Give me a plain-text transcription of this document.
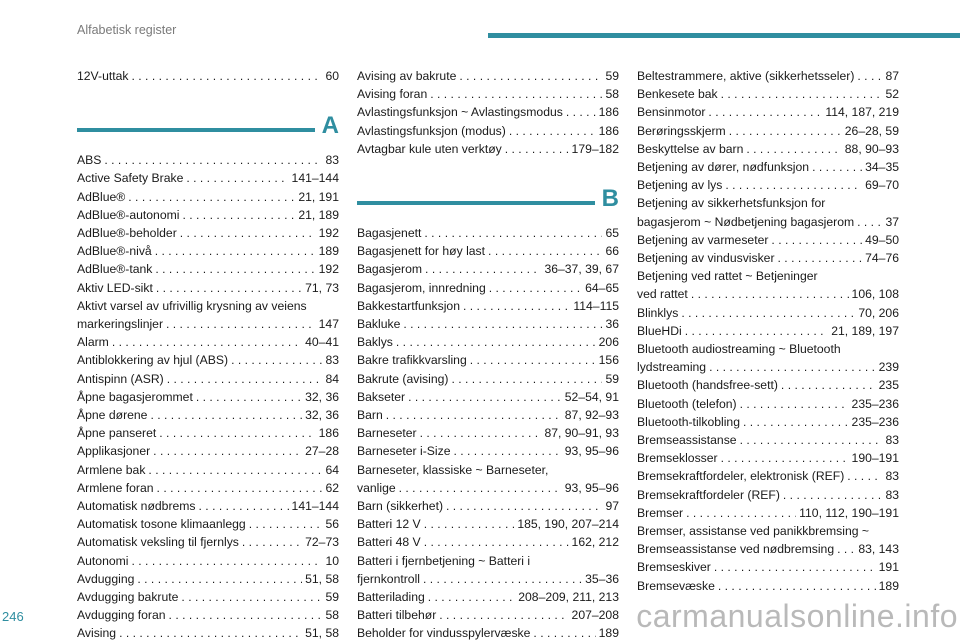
Alfabetisk register
12V-uttak . . .	60
A
ABS . . .	83
Active Safety Brake . . .	141–144
AdBlue® . . .	21, 191
AdBlue®-autonomi . . .	21, 189
AdBlue®-beholder . . .	192
AdBlue®-nivå . . .	189
AdBlue®-tank . . .	192
Aktiv LED-sikt . . .	71, 73
Aktivt varsel av ufrivillig krysning av veiens
markeringslinjer . . .	147
Alarm . . .	40–41
Antiblokkering av hjul (ABS) . . .	83
Antispinn (ASR) . . .	84
Åpne bagasjerommet . . .	32, 36
Åpne dørene . . .	32, 36
Åpne panseret . . .	186
Applikasjoner . . .	27–28
Armlene bak . . .	64
Armlene foran . . .	62
Automatisk nødbrems . . .	141–144
Automatisk tosone klimaanlegg . . .	56
Automatisk veksling til fjernlys . . .	72–73
Autonomi . . .	10
Avdugging . . .	51, 58
Avdugging bakrute . . .	59
Avdugging foran . . .	58
Avising . . .	51, 58
Avising av bakrute . . .	59
Avising foran . . .	58
Avlastingsfunksjon ~ Avlastingsmodus . . .	186
Avlastingsfunksjon (modus) . . .	186
Avtagbar kule uten verktøy . . .	179–182
B
Bagasjenett . . .	65
Bagasjenett for høy last . . .	66
Bagasjerom . . .	36–37, 39, 67
Bagasjerom, innredning . . .	64–65
Bakkestartfunksjon . . .	114–115
Bakluke . . .	36
Baklys . . .	206
Bakre trafikkvarsling . . .	156
Bakrute (avising) . . .	59
Bakseter . . .	52–54, 91
Barn . . .	87, 92–93
Barneseter . . .	87, 90–91, 93
Barneseter i-Size . . .	93, 95–96
Barneseter, klassiske ~ Barneseter,
vanlige . . .	93, 95–96
Barn (sikkerhet) . . .	97
Batteri 12 V . . .	185, 190, 207–214
Batteri 48 V . . .	162, 212
Batteri i fjernbetjening ~ Batteri i
fjernkontroll . . .	35–36
Batterilading . . .	208–209, 211, 213
Batteri tilbehør . . .	207–208
Beholder for vindusspylervæske . . .	189
Beltestrammere, aktive (sikkerhetsseler) . . .	87
Benkesete bak . . .	52
Bensinmotor . . .	114, 187, 219
Berøringsskjerm . . .	26–28, 59
Beskyttelse av barn . . .	88, 90–93
Betjening av dører, nødfunksjon . . .	34–35
Betjening av lys . . .	69–70
Betjening av sikkerhetsfunksjon for
bagasjerom ~ Nødbetjening bagasjerom . . .	37
Betjening av varmeseter . . .	49–50
Betjening av vindusvisker . . .	74–76
Betjening ved rattet ~ Betjeninger
ved rattet . . .	106, 108
Blinklys . . .	70, 206
BlueHDi . . .	21, 189, 197
Bluetooth audiostreaming ~ Bluetooth
lydstreaming . . .	239
Bluetooth (handsfree-sett) . . .	235
Bluetooth (telefon) . . .	235–236
Bluetooth-tilkobling . . .	235–236
Bremseassistanse . . .	83
Bremseklosser . . .	190–191
Bremsekraftfordeler, elektronisk (REF) . . .	83
Bremsekraftfordeler (REF) . . .	83
Bremser . . .	110, 112, 190–191
Bremser, assistanse ved panikkbremsing ~
Bremseassistanse ved nødbremsing . . . 83, 143
Bremseskiver . . .	191
Bremsevæske . . .	189
246	carmanualsonline.info
